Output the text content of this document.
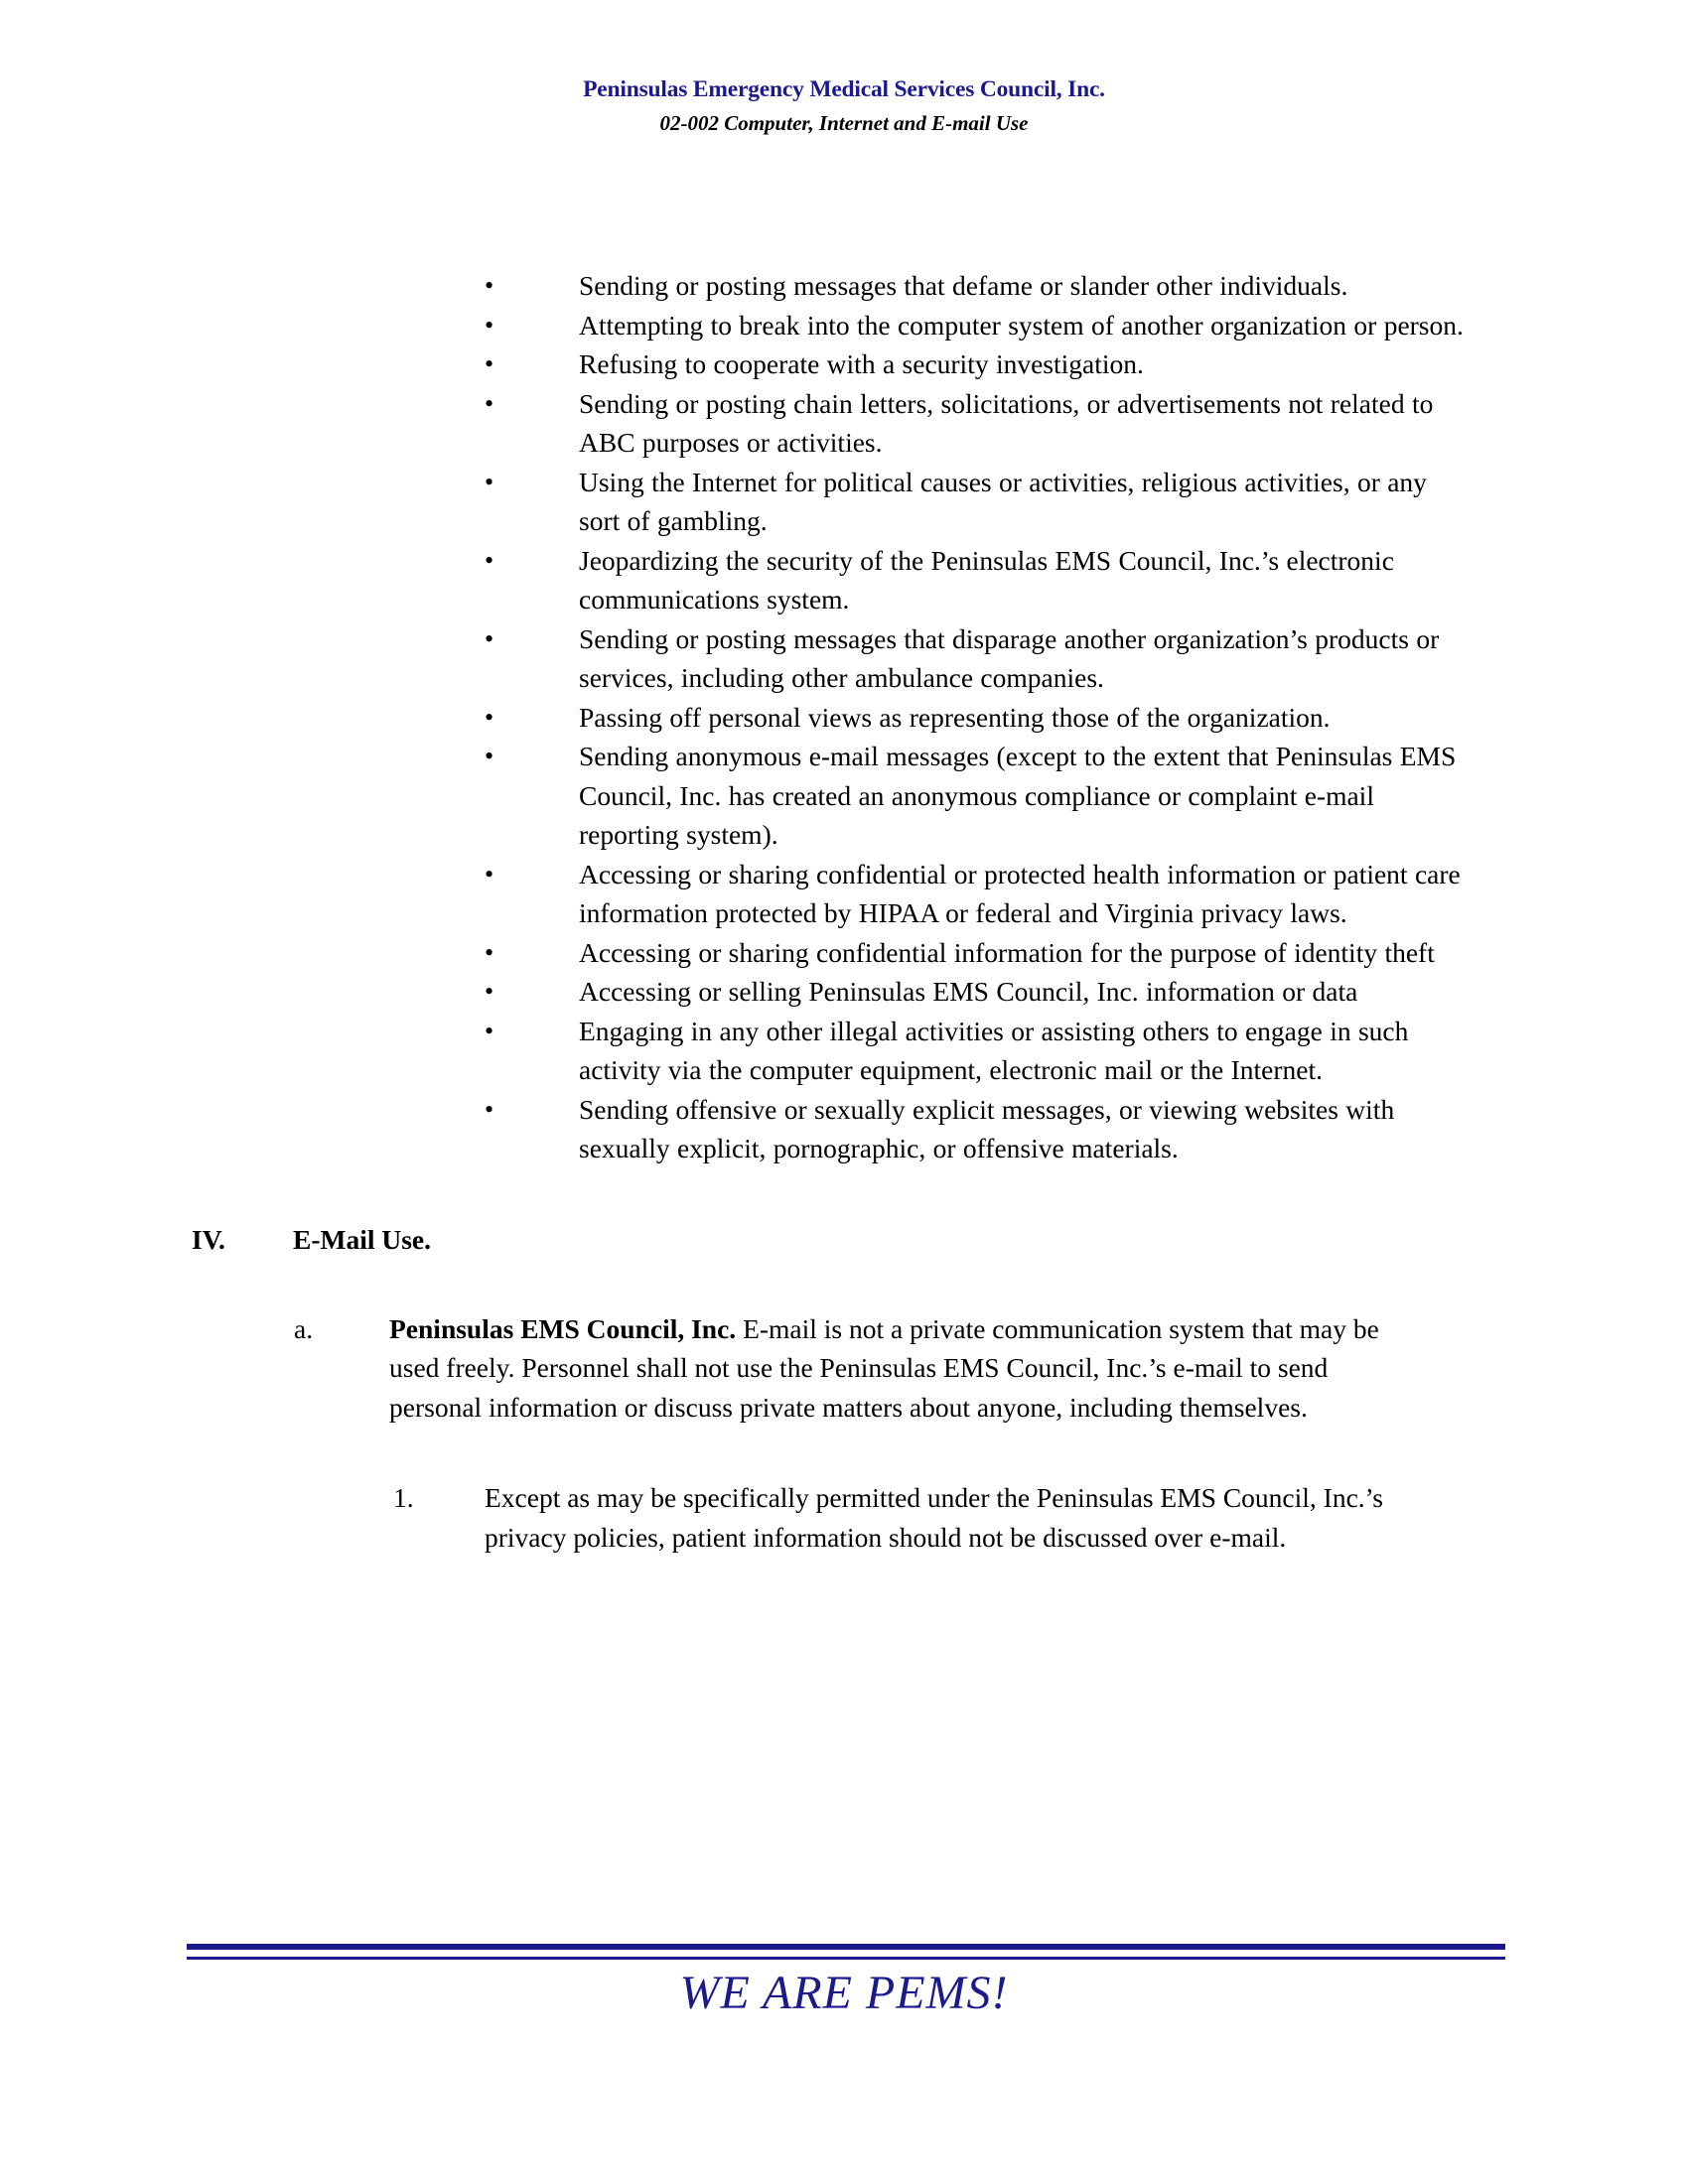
Peninsulas Emergency Medical Services Council, Inc.
02-002 Computer, Internet and E-mail Use
•	Sending or posting messages that defame or slander other individuals.
•	Attempting to break into the computer system of another organization or person.
•	Refusing to cooperate with a security investigation.
•	Sending or posting chain letters, solicitations, or advertisements not related to ABC purposes or activities.
•	Using the Internet for political causes or activities, religious activities, or any sort of gambling.
•	Jeopardizing the security of the Peninsulas EMS Council, Inc.’s electronic communications system.
•	Sending or posting messages that disparage another organization’s products or services, including other ambulance companies.
•	Passing off personal views as representing those of the organization.
•	Sending anonymous e-mail messages (except to the extent that Peninsulas EMS Council, Inc. has created an anonymous compliance or complaint e-mail reporting system).
•	Accessing or sharing confidential or protected health information or patient care information protected by HIPAA or federal and Virginia privacy laws.
•	Accessing or sharing confidential information for the purpose of identity theft
•	Accessing or selling Peninsulas EMS Council, Inc. information or data
•	Engaging in any other illegal activities or assisting others to engage in such activity via the computer equipment, electronic mail or the Internet.
•	Sending offensive or sexually explicit messages, or viewing websites with sexually explicit, pornographic, or offensive materials.
IV. E-Mail Use.
a.	Peninsulas EMS Council, Inc. E-mail is not a private communication system that may be used freely. Personnel shall not use the Peninsulas EMS Council, Inc.’s e-mail to send personal information or discuss private matters about anyone, including themselves.
1.	Except as may be specifically permitted under the Peninsulas EMS Council, Inc.’s privacy policies, patient information should not be discussed over e-mail.
WE ARE PEMS!
